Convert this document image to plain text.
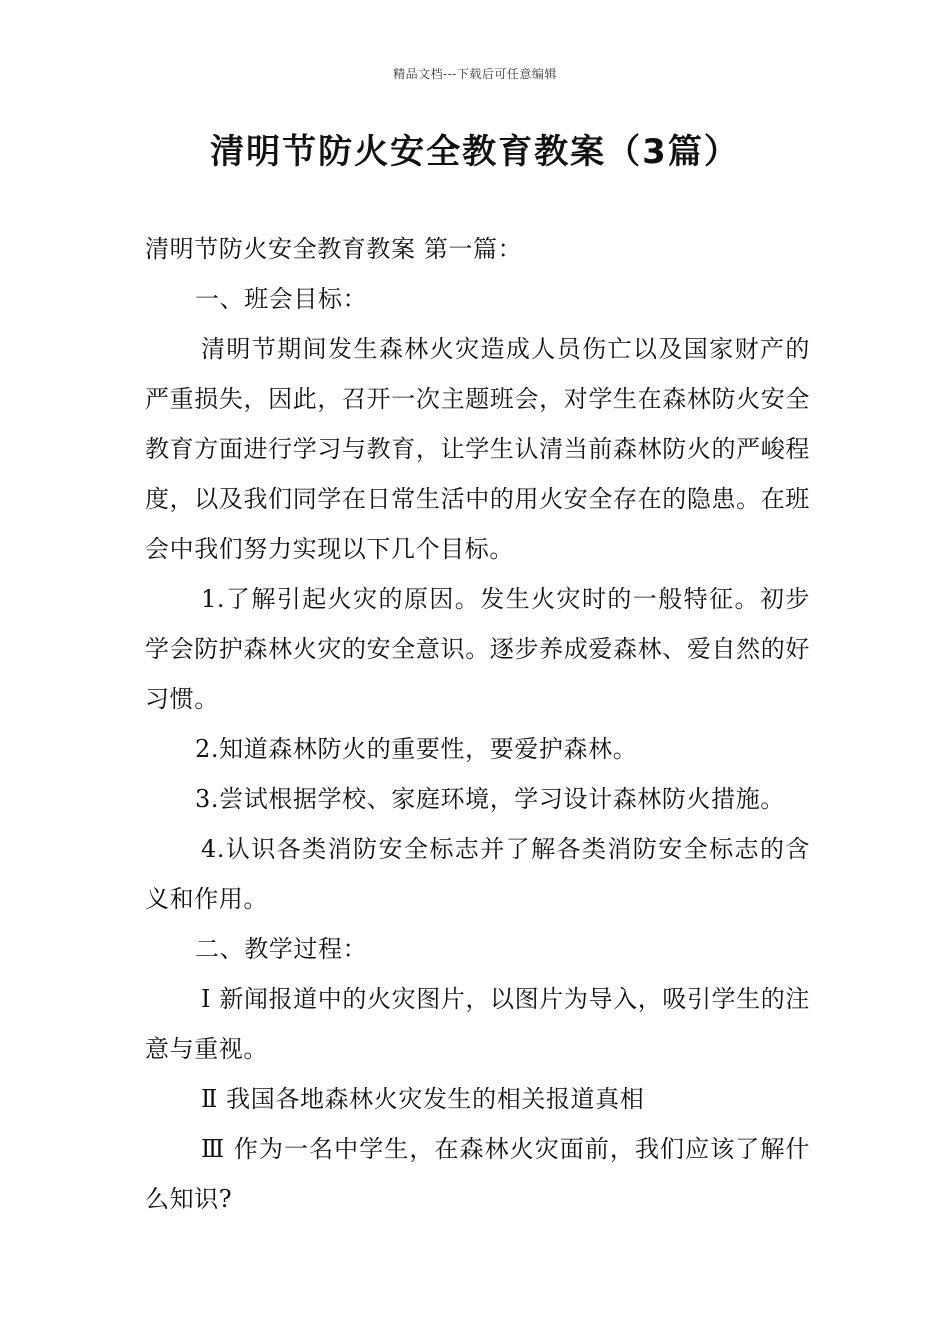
精品文档---下载后可任意编辑
清明节防火安全教育教案（3篇）

清明节防火安全教育教案 第一篇：

一、班会目标：

清明节期间发生森林火灾造成人员伤亡以及国家财产的严重损失，因此，召开一次主题班会，对学生在森林防火安全教育方面进行学习与教育，让学生认清当前森林防火的严峻程度，以及我们同学在日常生活中的用火安全存在的隐患。在班会中我们努力实现以下几个目标。

1.了解引起火灾的原因。发生火灾时的一般特征。初步学会防护森林火灾的安全意识。逐步养成爱森林、爱自然的好习惯。

2.知道森林防火的重要性，要爱护森林。

3.尝试根据学校、家庭环境，学习设计森林防火措施。

4.认识各类消防安全标志并了解各类消防安全标志的含义和作用。

二、教学过程：

Ⅰ 新闻报道中的火灾图片，以图片为导入，吸引学生的注意与重视。

Ⅱ 我国各地森林火灾发生的相关报道真相

Ⅲ 作为一名中学生，在森林火灾面前，我们应该了解什么知识?
